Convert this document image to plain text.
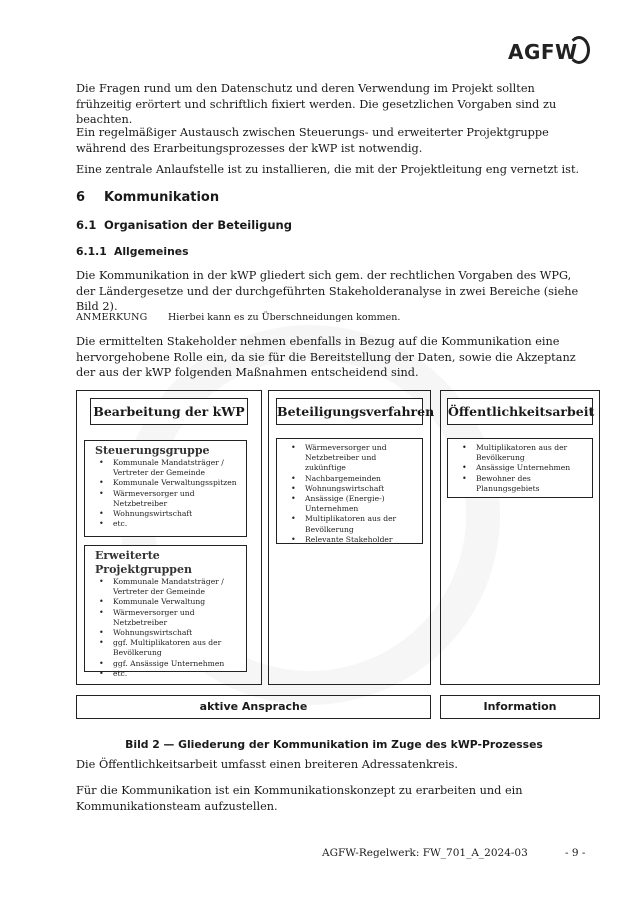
AGFW
Die Fragen rund um den Datenschutz und deren Verwendung im Projekt sollten frühzeitig erörtert und schriftlich fixiert werden. Die gesetzlichen Vorgaben sind zu beachten.
Ein regelmäßiger Austausch zwischen Steuerungs- und erweiterter Projektgruppe während des Erarbeitungsprozesses der kWP ist notwendig.
Eine zentrale Anlaufstelle ist zu installieren, die mit der Projektleitung eng vernetzt ist.
6 Kommunikation
6.1 Organisation der Beteiligung
6.1.1 Allgemeines
Die Kommunikation in der kWP gliedert sich gem. der rechtlichen Vorgaben des WPG, der Ländergesetze und der durchgeführten Stakeholderanalyse in zwei Bereiche (siehe Bild 2).
ANMERKUNG Hierbei kann es zu Überschneidungen kommen.
Die ermittelten Stakeholder nehmen ebenfalls in Bezug auf die Kommunikation eine hervorgehobene Rolle ein, da sie für die Bereitstellung der Daten, sowie die Akzeptanz der aus der kWP folgenden Maßnahmen entscheidend sind.
Bearbeitung der kWP	Beteiligungsverfahren Öffentlichkeitsarbeit
Steuerungsgruppe
• Kommunale Mandatsträger / Vertreter der Gemeinde
• Kommunale Verwaltungsspitzen
• Wärmeversorger und Netzbetreiber
• Wohnungswirtschaft
• etc.
Erweiterte Projektgruppen
• Kommunale Mandatsträger / Vertreter der Gemeinde
• Kommunale Verwaltung
• Wärmeversorger und Netzbetreiber
• Wohnungswirtschaft
• ggf. Multiplikatoren aus der Bevölkerung
• ggf. Ansässige Unternehmen
• etc.
• Wärmeversorger und Netzbetreiber und zukünftige
• Nachbargemeinden
• Wohnungswirtschaft
• Ansässige (Energie-) Unternehmen
• Multiplikatoren aus der Bevölkerung
• Relevante Stakeholder
• Multiplikatoren aus der Bevölkerung
• Ansässige Unternehmen
• Bewohner des Planungsgebiets
aktive Ansprache	Information
Bild 2 — Gliederung der Kommunikation im Zuge des kWP-Prozesses
Die Öffentlichkeitsarbeit umfasst einen breiteren Adressatenkreis.
Für die Kommunikation ist ein Kommunikationskonzept zu erarbeiten und ein Kommunikationsteam aufzustellen.
AGFW-Regelwerk: FW_701_A_2024-03	- 9 -
